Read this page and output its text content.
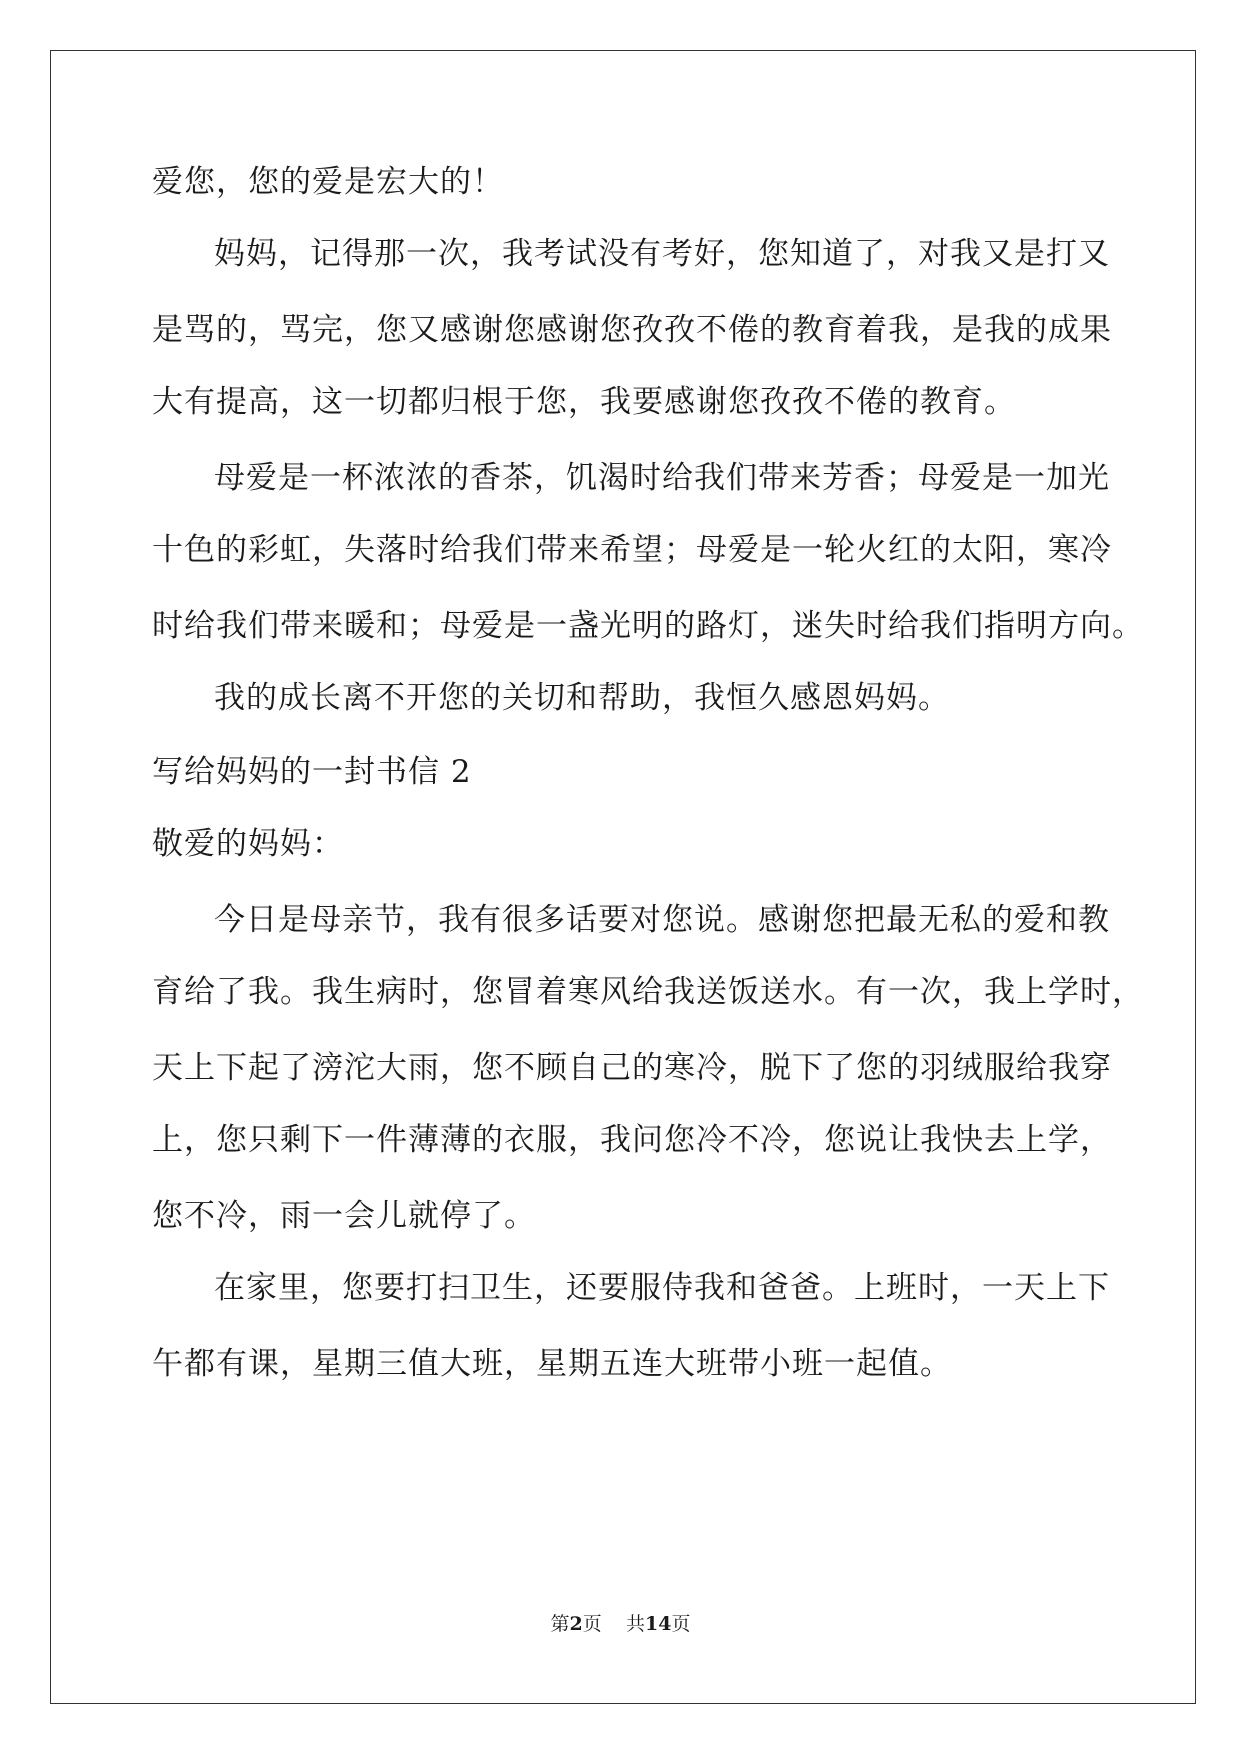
爱您，您的爱是宏大的！
妈妈，记得那一次，我考试没有考好，您知道了，对我又是打又
是骂的，骂完，您又感谢您感谢您孜孜不倦的教育着我，是我的成果
大有提高，这一切都归根于您，我要感谢您孜孜不倦的教育。
母爱是一杯浓浓的香茶，饥渴时给我们带来芳香；母爱是一加光
十色的彩虹，失落时给我们带来希望；母爱是一轮火红的太阳，寒冷
时给我们带来暖和；母爱是一盏光明的路灯，迷失时给我们指明方向。
我的成长离不开您的关切和帮助，我恒久感恩妈妈。
写给妈妈的一封书信 2
敬爱的妈妈：
今日是母亲节，我有很多话要对您说。感谢您把最无私的爱和教
育给了我。我生病时，您冒着寒风给我送饭送水。有一次，我上学时，
天上下起了滂沱大雨，您不顾自己的寒冷，脱下了您的羽绒服给我穿
上，您只剩下一件薄薄的衣服，我问您冷不冷，您说让我快去上学，
您不冷，雨一会儿就停了。
在家里，您要打扫卫生，还要服侍我和爸爸。上班时，一天上下
午都有课，星期三值大班，星期五连大班带小班一起值。
第2页 共14页
